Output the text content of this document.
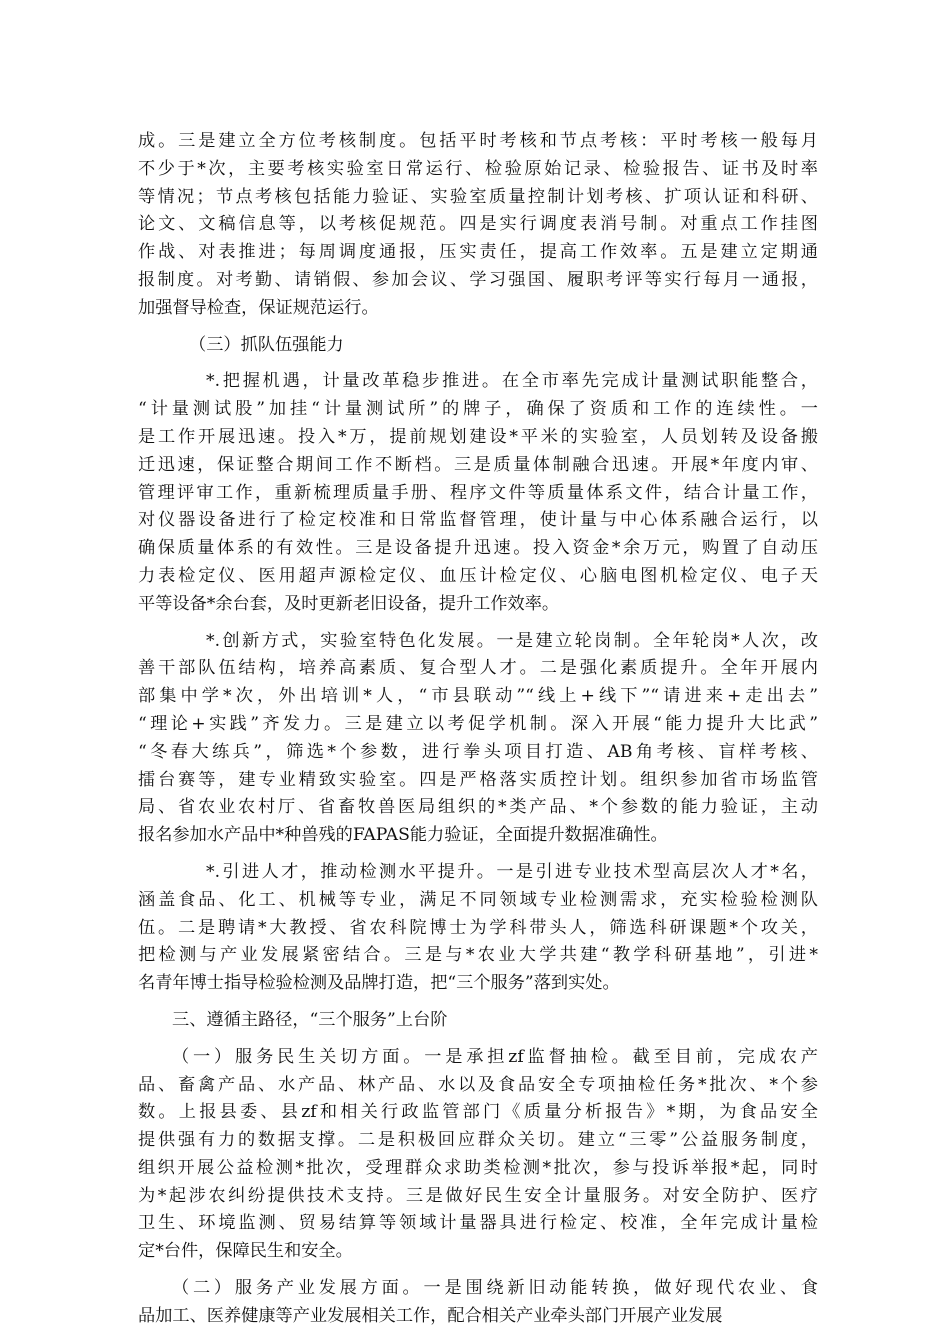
成。三是建立全方位考核制度。包括平时考核和节点考核：平时考核一般每月
不少于*次，主要考核实验室日常运行、检验原始记录、检验报告、证书及时率
等情况；节点考核包括能力验证、实验室质量控制计划考核、扩项认证和科研、
论文、文稿信息等，以考核促规范。四是实行调度表消号制。对重点工作挂图
作战、对表推进；每周调度通报，压实责任，提高工作效率。五是建立定期通
报制度。对考勤、请销假、参加会议、学习强国、履职考评等实行每月一通报，
加强督导检查，保证规范运行。
（三）抓队伍强能力
*.把握机遇，计量改革稳步推进。在全市率先完成计量测试职能整合，
“计量测试股”加挂“计量测试所”的牌子，确保了资质和工作的连续性。一
是工作开展迅速。投入*万，提前规划建设*平米的实验室，人员划转及设备搬
迁迅速，保证整合期间工作不断档。三是质量体制融合迅速。开展*年度内审、
管理评审工作，重新梳理质量手册、程序文件等质量体系文件，结合计量工作，
对仪器设备进行了检定校准和日常监督管理，使计量与中心体系融合运行，以
确保质量体系的有效性。三是设备提升迅速。投入资金*余万元，购置了自动压
力表检定仪、医用超声源检定仪、血压计检定仪、心脑电图机检定仪、电子天
平等设备*余台套，及时更新老旧设备，提升工作效率。
*.创新方式，实验室特色化发展。一是建立轮岗制。全年轮岗*人次，改
善干部队伍结构，培养高素质、复合型人才。二是强化素质提升。全年开展内
部集中学*次，外出培训*人，“市县联动”“线上+线下”“请进来+走出去”
“理论+实践”齐发力。三是建立以考促学机制。深入开展“能力提升大比武”
“冬春大练兵”，筛选*个参数，进行拳头项目打造、AB角考核、盲样考核、
擂台赛等，建专业精致实验室。四是严格落实质控计划。组织参加省市场监管
局、省农业农村厅、省畜牧兽医局组织的*类产品、*个参数的能力验证，主动
报名参加水产品中*种兽残的FAPAS能力验证，全面提升数据准确性。
*.引进人才，推动检测水平提升。一是引进专业技术型高层次人才*名，
涵盖食品、化工、机械等专业，满足不同领域专业检测需求，充实检验检测队
伍。二是聘请*大教授、省农科院博士为学科带头人，筛选科研课题*个攻关，
把检测与产业发展紧密结合。三是与*农业大学共建“教学科研基地”，引进*
名青年博士指导检验检测及品牌打造，把“三个服务”落到实处。
三、遵循主路径，“三个服务”上台阶
（一）服务民生关切方面。一是承担zf监督抽检。截至目前，完成农产
品、畜禽产品、水产品、林产品、水以及食品安全专项抽检任务*批次、*个参
数。上报县委、县zf和相关行政监管部门《质量分析报告》*期，为食品安全
提供强有力的数据支撑。二是积极回应群众关切。建立“三零”公益服务制度，
组织开展公益检测*批次，受理群众求助类检测*批次，参与投诉举报*起，同时
为*起涉农纠纷提供技术支持。三是做好民生安全计量服务。对安全防护、医疗
卫生、环境监测、贸易结算等领域计量器具进行检定、校准，全年完成计量检
定*台件，保障民生和安全。
（二）服务产业发展方面。一是围绕新旧动能转换，做好现代农业、食
品加工、医养健康等产业发展相关工作，配合相关产业牵头部门开展产业发展
